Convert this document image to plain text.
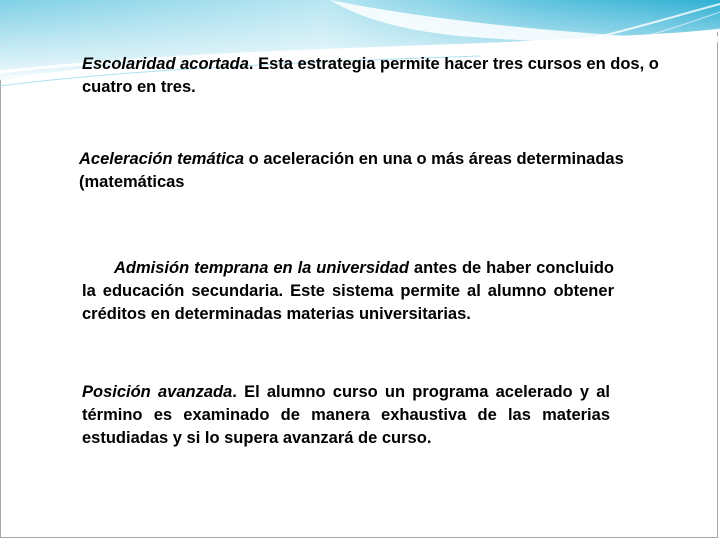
Escolaridad acortada. Esta estrategia permite hacer tres cursos en dos, o cuatro en tres.

Aceleración temática o aceleración en una o más áreas determinadas (matemáticas

Admisión temprana en la universidad antes de haber concluido la educación secundaria. Este sistema permite al alumno obtener créditos en determinadas materias universitarias.

Posición avanzada. El alumno curso un programa acelerado y al término es examinado de manera exhaustiva de las materias estudiadas y si lo supera avanzará de curso.
